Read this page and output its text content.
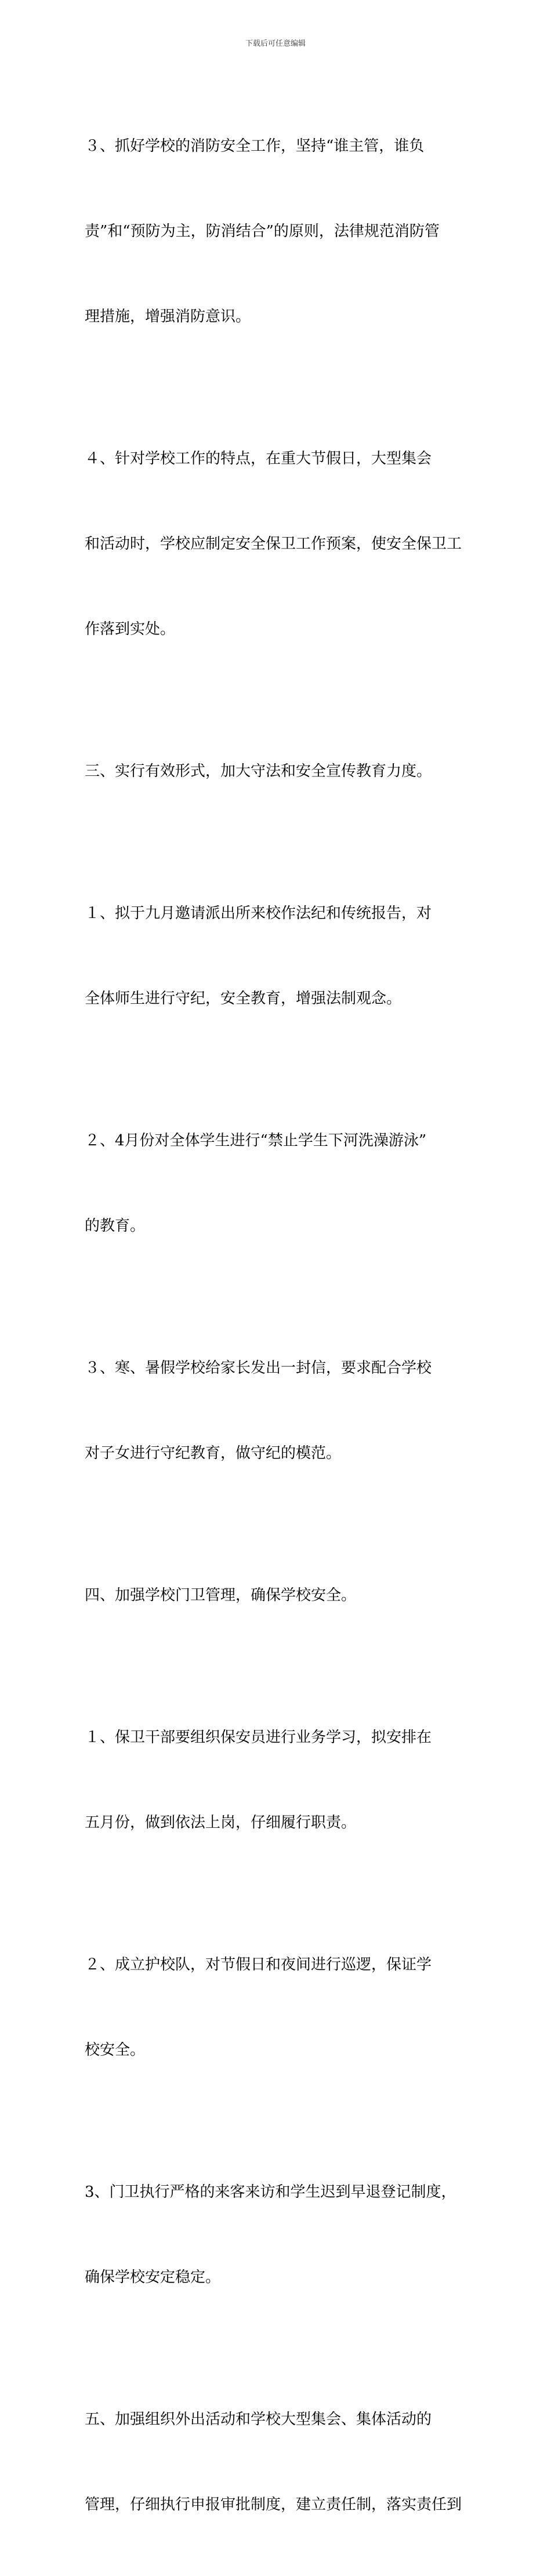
下载后可任意编辑

３、抓好学校的消防安全工作，坚持“谁主管，谁负

责”和“预防为主，防消结合”的原则，法律规范消防管

理措施，增强消防意识。

４、针对学校工作的特点，在重大节假日，大型集会

和活动时，学校应制定安全保卫工作预案，使安全保卫工

作落到实处。

三、实行有效形式，加大守法和安全宣传教育力度。

１、拟于九月邀请派出所来校作法纪和传统报告，对

全体师生进行守纪，安全教育，增强法制观念。

２、4月份对全体学生进行“禁止学生下河洗澡游泳”

的教育。

３、寒、暑假学校给家长发出一封信，要求配合学校

对子女进行守纪教育，做守纪的模范。

四、加强学校门卫管理，确保学校安全。

１、保卫干部要组织保安员进行业务学习，拟安排在

五月份，做到依法上岗，仔细履行职责。

２、成立护校队，对节假日和夜间进行巡逻，保证学

校安全。

3、门卫执行严格的来客来访和学生迟到早退登记制度，

确保学校安定稳定。

五、加强组织外出活动和学校大型集会、集体活动的

管理，仔细执行申报审批制度，建立责任制，落实责任到
